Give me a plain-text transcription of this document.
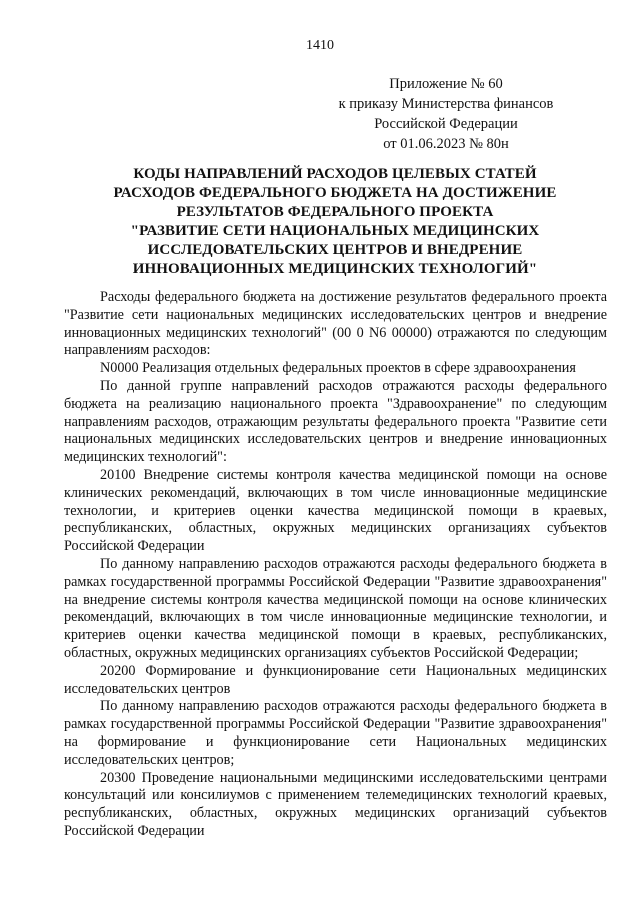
1410
Приложение № 60
к приказу Министерства финансов
Российской Федерации
от 01.06.2023 № 80н
КОДЫ НАПРАВЛЕНИЙ РАСХОДОВ ЦЕЛЕВЫХ СТАТЕЙ
РАСХОДОВ ФЕДЕРАЛЬНОГО БЮДЖЕТА НА ДОСТИЖЕНИЕ
РЕЗУЛЬТАТОВ ФЕДЕРАЛЬНОГО ПРОЕКТА
"РАЗВИТИЕ СЕТИ НАЦИОНАЛЬНЫХ МЕДИЦИНСКИХ
ИССЛЕДОВАТЕЛЬСКИХ ЦЕНТРОВ И ВНЕДРЕНИЕ
ИННОВАЦИОННЫХ МЕДИЦИНСКИХ ТЕХНОЛОГИЙ"

Расходы федерального бюджета на достижение результатов федерального проекта "Развитие сети национальных медицинских исследовательских центров и внедрение инновационных медицинских технологий" (00 0 N6 00000) отражаются по следующим направлениям расходов:

N0000 Реализация отдельных федеральных проектов в сфере здравоохранения

По данной группе направлений расходов отражаются расходы федерального бюджета на реализацию национального проекта "Здравоохранение" по следующим направлениям расходов, отражающим результаты федерального проекта "Развитие сети национальных медицинских исследовательских центров и внедрение инновационных медицинских технологий":

20100 Внедрение системы контроля качества медицинской помощи на основе клинических рекомендаций, включающих в том числе инновационные медицинские технологии, и критериев оценки качества медицинской помощи в краевых, республиканских, областных, окружных медицинских организациях субъектов Российской Федерации

По данному направлению расходов отражаются расходы федерального бюджета в рамках государственной программы Российской Федерации "Развитие здравоохранения" на внедрение системы контроля качества медицинской помощи на основе клинических рекомендаций, включающих в том числе инновационные медицинские технологии, и критериев оценки качества медицинской помощи в краевых, республиканских, областных, окружных медицинских организациях субъектов Российской Федерации;

20200 Формирование и функционирование сети Национальных медицинских исследовательских центров

По данному направлению расходов отражаются расходы федерального бюджета в рамках государственной программы Российской Федерации "Развитие здравоохранения" на формирование и функционирование сети Национальных медицинских исследовательских центров;

20300 Проведение национальными медицинскими исследовательскими центрами консультаций или консилиумов с применением телемедицинских технологий краевых, республиканских, областных, окружных медицинских организаций субъектов Российской Федерации
